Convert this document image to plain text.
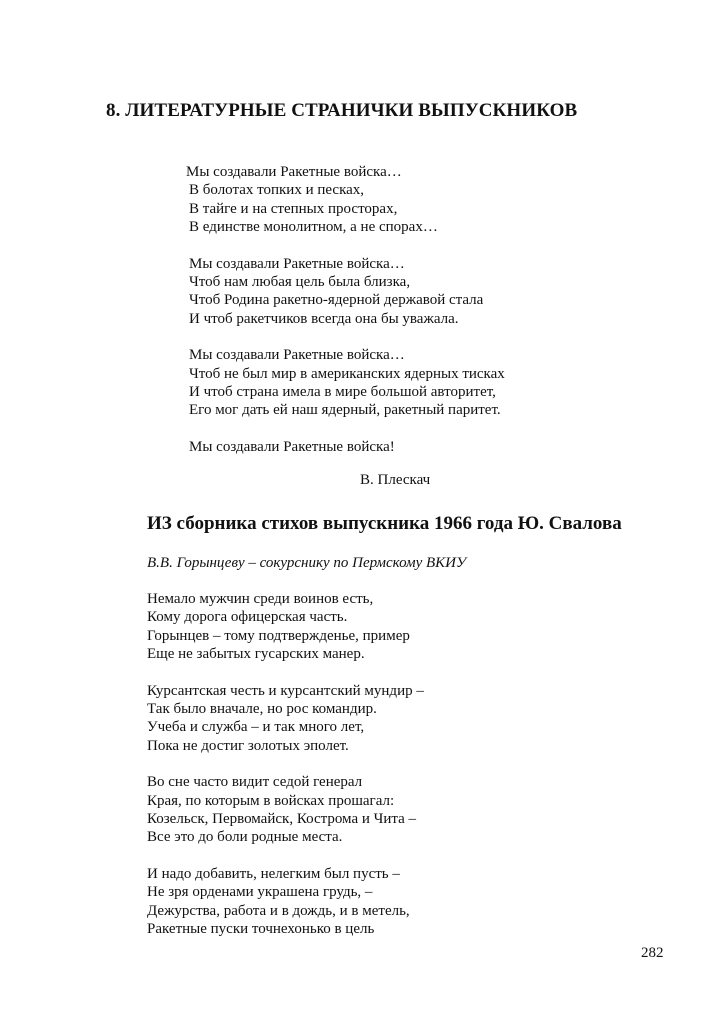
8. ЛИТЕРАТУРНЫЕ СТРАНИЧКИ ВЫПУСКНИКОВ
Мы создавали Ракетные войска…
В болотах топких и песках,
В тайге и на степных просторах,
В единстве монолитном, а не спорах…
Мы создавали Ракетные войска…
Чтоб нам любая цель была близка,
Чтоб Родина ракетно-ядерной державой стала
И чтоб ракетчиков всегда она бы уважала.
Мы создавали Ракетные войска…
Чтоб не был мир в американских ядерных тисках
И чтоб страна имела в мире большой авторитет,
Его мог дать ей наш ядерный, ракетный паритет.
Мы создавали Ракетные войска!
В. Плескач
ИЗ сборника стихов выпускника 1966 года Ю. Свалова
В.В. Горынцеву – сокурснику по Пермскому ВКИУ
Немало мужчин среди воинов есть,
Кому дорога офицерская часть.
Горынцев – тому подтвержденье, пример
Еще не забытых гусарских манер.
Курсантская честь и курсантский мундир –
Так было вначале, но рос командир.
Учеба и служба – и так много лет,
Пока не достиг золотых эполет.
Во сне часто видит седой генерал
Края, по которым в войсках прошагал:
Козельск, Первомайск, Кострома и Чита –
Все это до боли родные места.
И надо добавить, нелегким был пусть –
Не зря орденами украшена грудь, –
Дежурства, работа и в дождь, и в метель,
Ракетные пуски точнехонько в цель
282
